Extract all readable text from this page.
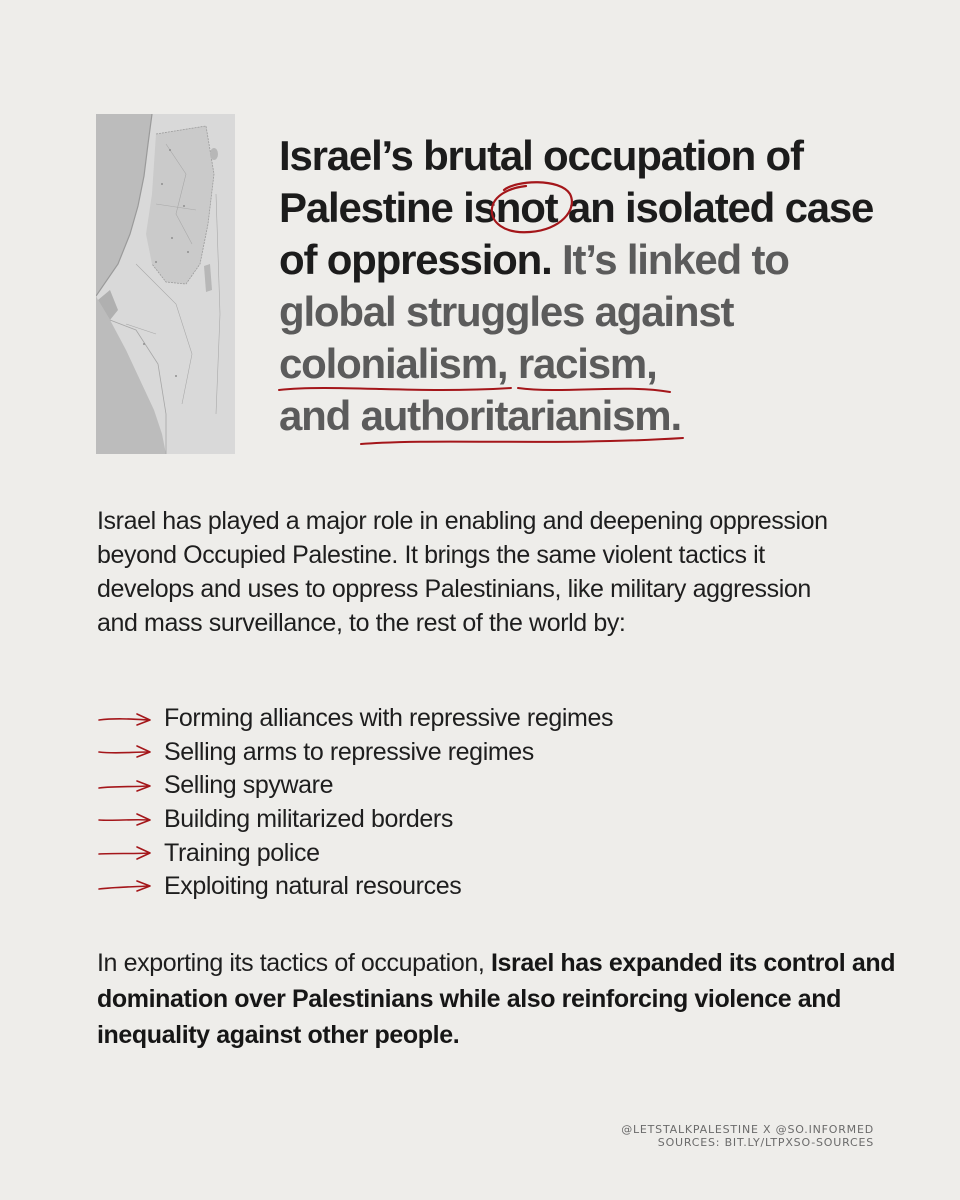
Israel’s brutal occupation of Palestine is
not an isolated case of oppression. It’s linked to global struggles against colonialism
, racism
,
and authoritarianism
.

Israel has played a major role in enabling and deepening oppression beyond Occupied Palestine. It brings the same violent tactics it develops and uses to oppress Palestinians, like military aggression and mass surveillance, to the rest of the world by:

Forming alliances with repressive regimes
Selling arms to repressive regimes
Selling spyware
Building militarized borders
Training police
Exploiting natural resources

In exporting its tactics of occupation, Israel has expanded its control and domination over Palestinians while also reinforcing violence and inequality against other people.

@LETSTALKPALESTINE X @SO.INFORMED
SOURCES: BIT.LY/LTPXSO-SOURCES
